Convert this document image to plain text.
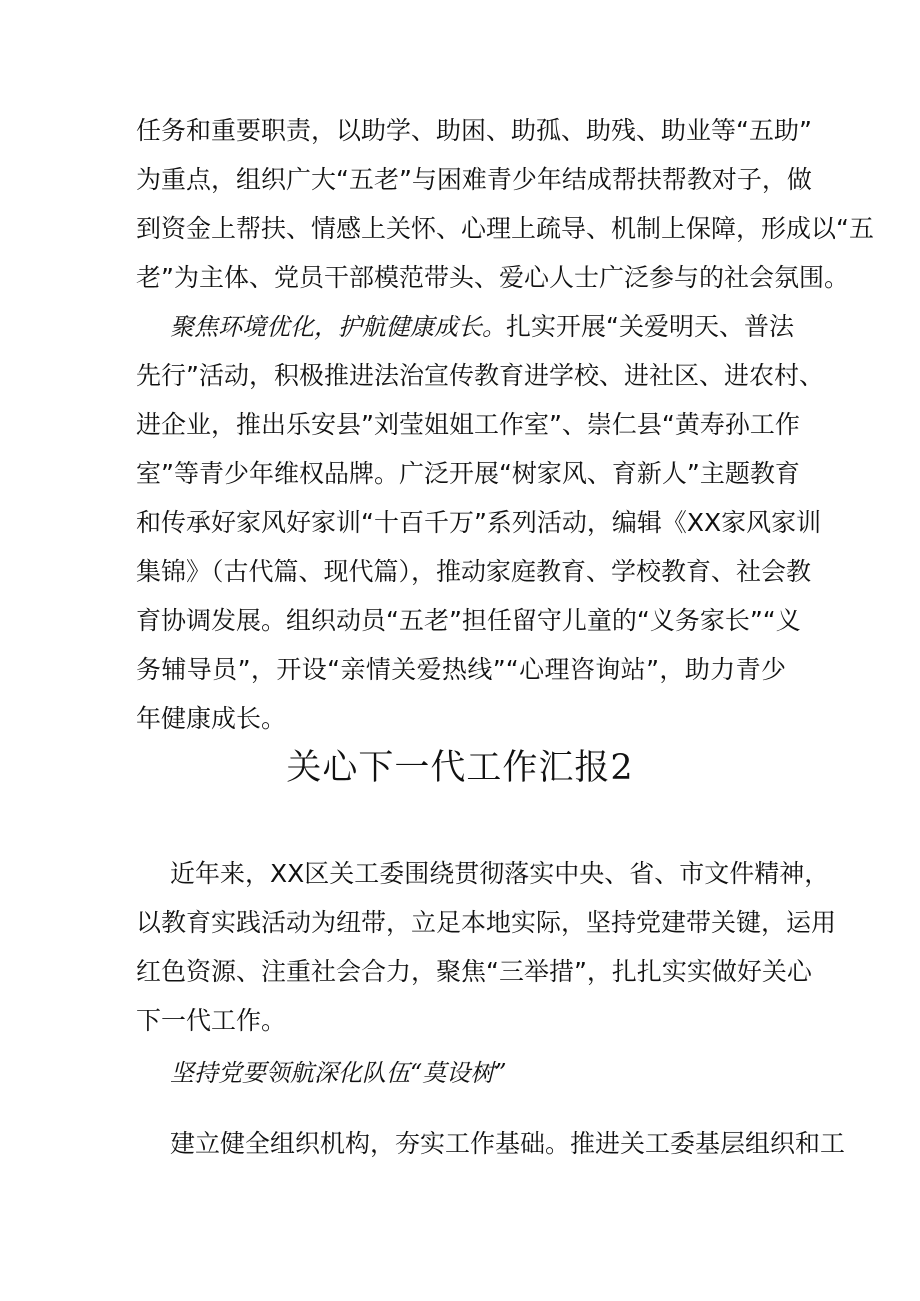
任务和重要职责，以助学、助困、助孤、助残、助业等“五助”

为重点，组织广大“五老”与困难青少年结成帮扶帮教对子，做

到资金上帮扶、情感上关怀、心理上疏导、机制上保障，形成以“五

老”为主体、党员干部模范带头、爱心人士广泛参与的社会氛围。

聚焦环境优化，护航健康成长。扎实开展“关爱明天、普法

先行”活动，积极推进法治宣传教育进学校、进社区、进农村、

进企业，推出乐安县”刘莹姐姐工作室”、崇仁县“黄寿孙工作

室”等青少年维权品牌。广泛开展“树家风、育新人”主题教育

和传承好家风好家训“十百千万”系列活动，编辑《XX家风家训

集锦》（古代篇、现代篇），推动家庭教育、学校教育、社会教

育协调发展。组织动员“五老”担任留守儿童的“义务家长”“义

务辅导员”，开设“亲情关爱热线”“心理咨询站”，助力青少

年健康成长。

关心下一代工作汇报2

近年来，XX区关工委围绕贯彻落实中央、省、市文件精神，

以教育实践活动为纽带，立足本地实际，坚持党建带关键，运用

红色资源、注重社会合力，聚焦“三举措”，扎扎实实做好关心

下一代工作。

坚持党要领航深化队伍“莫设树”

建立健全组织机构，夯实工作基础。推进关工委基层组织和工
